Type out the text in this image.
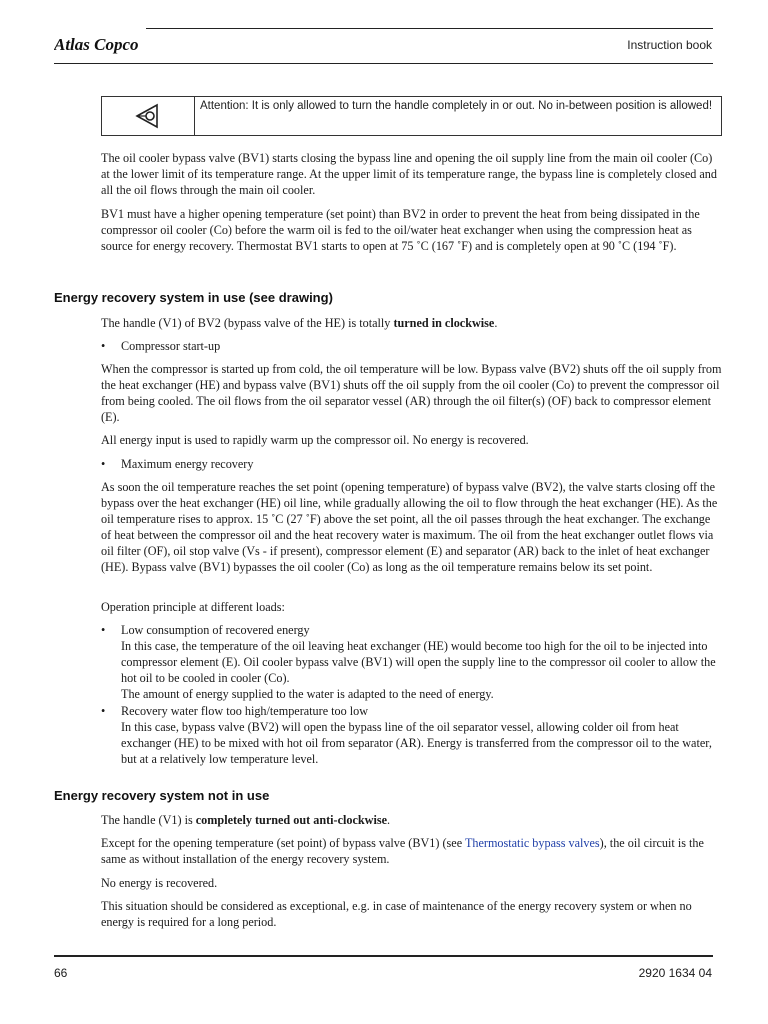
Atlas Copco	Instruction book
Attention: It is only allowed to turn the handle completely in or out. No in-between position is allowed!

The oil cooler bypass valve (BV1) starts closing the bypass line and opening the oil supply line from the main oil cooler (Co) at the lower limit of its temperature range. At the upper limit of its temperature range, the bypass line is completely closed and all the oil flows through the main oil cooler.

BV1 must have a higher opening temperature (set point) than BV2 in order to prevent the heat from being dissipated in the compressor oil cooler (Co) before the warm oil is fed to the oil/water heat exchanger when using the compression heat as source for energy recovery. Thermostat BV1 starts to open at 75 ˚C (167 ˚F) and is completely open at 90 ˚C (194 ˚F).

Energy recovery system in use (see drawing)
The handle (V1) of BV2 (bypass valve of the HE) is totally turned in clockwise.
• Compressor start-up

When the compressor is started up from cold, the oil temperature will be low. Bypass valve (BV2) shuts off the oil supply from the heat exchanger (HE) and bypass valve (BV1) shuts off the oil supply from the oil cooler (Co) to prevent the compressor oil from being cooled. The oil flows from the oil separator vessel (AR) through the oil filter(s) (OF) back to compressor element (E).

All energy input is used to rapidly warm up the compressor oil. No energy is recovered.

• Maximum energy recovery

As soon the oil temperature reaches the set point (opening temperature) of bypass valve (BV2), the valve starts closing off the bypass over the heat exchanger (HE) oil line, while gradually allowing the oil to flow through the heat exchanger (HE). As the oil temperature rises to approx. 15 ˚C (27 ˚F) above the set point, all the oil passes through the heat exchanger. The exchange of heat between the compressor oil and the heat recovery water is maximum. The oil from the heat exchanger outlet flows via oil filter (OF), oil stop valve (Vs - if present), compressor element (E) and separator (AR) back to the inlet of heat exchanger (HE). Bypass valve (BV1) bypasses the oil cooler (Co) as long as the oil temperature remains below its set point.

Operation principle at different loads:

• Low consumption of recovered energy
In this case, the temperature of the oil leaving heat exchanger (HE) would become too high for the oil to be injected into compressor element (E). Oil cooler bypass valve (BV1) will open the supply line to the compressor oil cooler to allow the hot oil to be cooled in cooler (Co).
The amount of energy supplied to the water is adapted to the need of energy.
• Recovery water flow too high/temperature too low
In this case, bypass valve (BV2) will open the bypass line of the oil separator vessel, allowing colder oil from heat exchanger (HE) to be mixed with hot oil from separator (AR). Energy is transferred from the compressor oil to the water, but at a relatively low temperature level.
Energy recovery system not in use
The handle (V1) is completely turned out anti-clockwise.
Except for the opening temperature (set point) of bypass valve (BV1) (see Thermostatic bypass valves), the oil circuit is the same as without installation of the energy recovery system.

No energy is recovered.

This situation should be considered as exceptional, e.g. in case of maintenance of the energy recovery system or when no energy is required for a long period.

66	2920 1634 04
